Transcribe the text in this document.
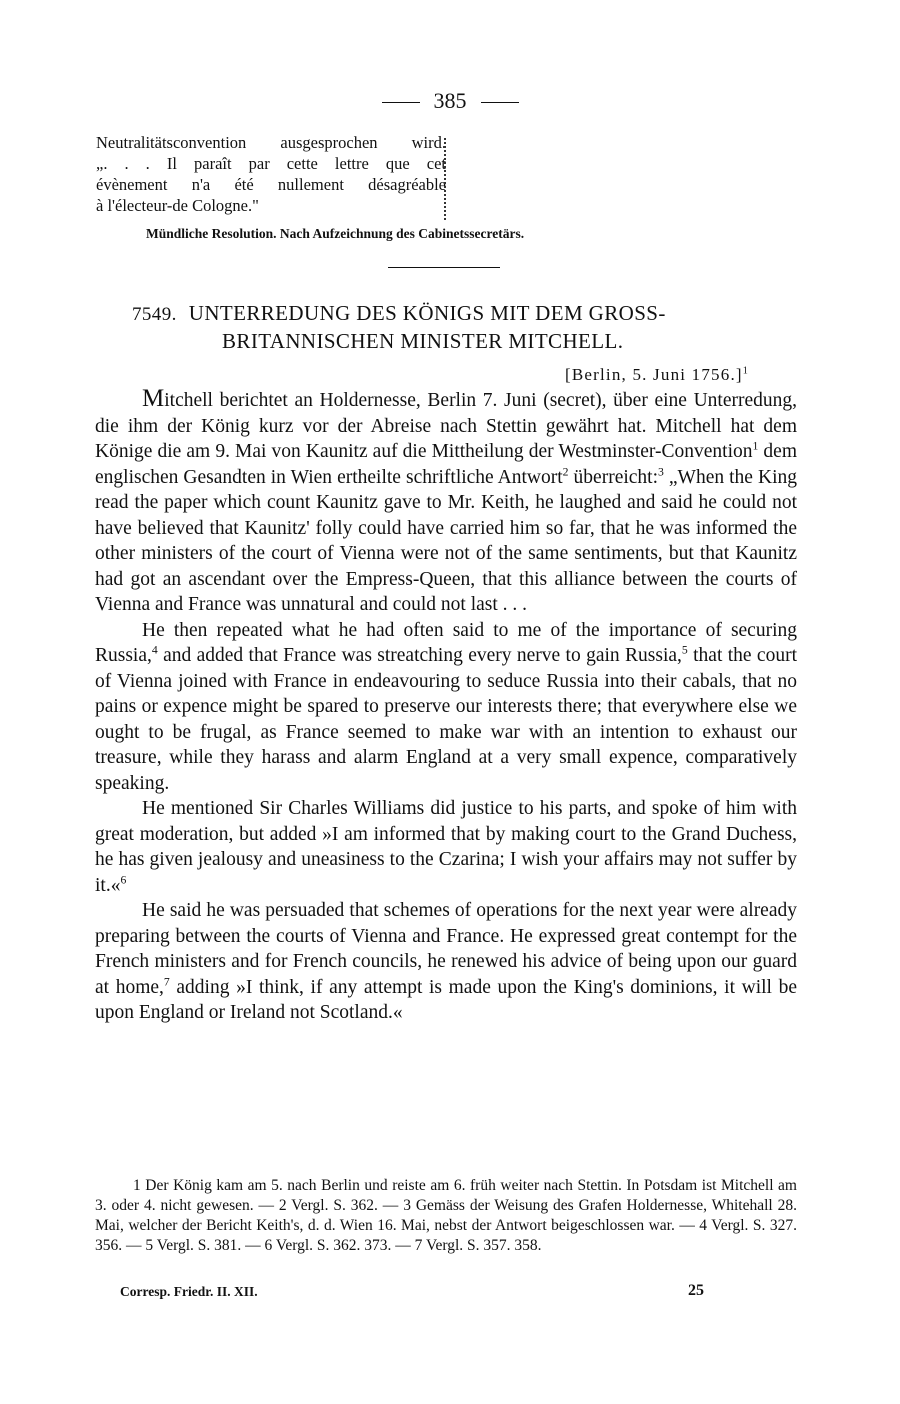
385
Neutralitätsconvention ausgesprochen wird.
„. . . Il paraît par cette lettre que cet
évènement n'a été nullement désagréable
à l'électeur-de Cologne."
Mündliche Resolution. Nach Aufzeichnung des Cabinetssecretärs.
7549. UNTERREDUNG DES KÖNIGS MIT DEM GROSS-
BRITANNISCHEN MINISTER MITCHELL.
[Berlin, 5. Juni 1756.]$^1$

Mitchell berichtet an Holdernesse, Berlin 7. Juni (secret), über eine Unterredung, die ihm der König kurz vor der Abreise nach Stettin gewährt hat. Mitchell hat dem Könige die am 9. Mai von Kaunitz auf die Mittheilung der Westminster-Convention$^1$ dem englischen Gesandten in Wien ertheilte schriftliche Antwort$^2$ überreicht:$^3$ „When the King read the paper which count Kaunitz gave to Mr. Keith, he laughed and said he could not have believed that Kaunitz' folly could have carried him so far, that he was informed the other ministers of the court of Vienna were not of the same sentiments, but that Kaunitz had got an ascendant over the Empress-Queen, that this alliance between the courts of Vienna and France was unnatural and could not last . . .

He then repeated what he had often said to me of the importance of securing Russia,$^4$ and added that France was streatching every nerve to gain Russia,$^5$ that the court of Vienna joined with France in endeavouring to seduce Russia into their cabals, that no pains or expence might be spared to preserve our interests there; that everywhere else we ought to be frugal, as France seemed to make war with an intention to exhaust our treasure, while they harass and alarm England at a very small expence, comparatively speaking.

He mentioned Sir Charles Williams did justice to his parts, and spoke of him with great moderation, but added »I am informed that by making court to the Grand Duchess, he has given jealousy and uneasiness to the Czarina; I wish your affairs may not suffer by it.«$^6$

He said he was persuaded that schemes of operations for the next year were already preparing between the courts of Vienna and France. He expressed great contempt for the French ministers and for French councils, he renewed his advice of being upon our guard at home,$^7$ adding »I think, if any attempt is made upon the King's dominions, it will be upon England or Ireland not Scotland.«

1 Der König kam am 5. nach Berlin und reiste am 6. früh weiter nach Stettin. In Potsdam ist Mitchell am 3. oder 4. nicht gewesen. — 2 Vergl. S. 362. — 3 Gemäss der Weisung des Grafen Holdernesse, Whitehall 28. Mai, welcher der Bericht Keith's, d. d. Wien 16. Mai, nebst der Antwort beigeschlossen war. — 4 Vergl. S. 327. 356. — 5 Vergl. S. 381. — 6 Vergl. S. 362. 373. — 7 Vergl. S. 357. 358.

Corresp. Friedr. II. XII.	25
